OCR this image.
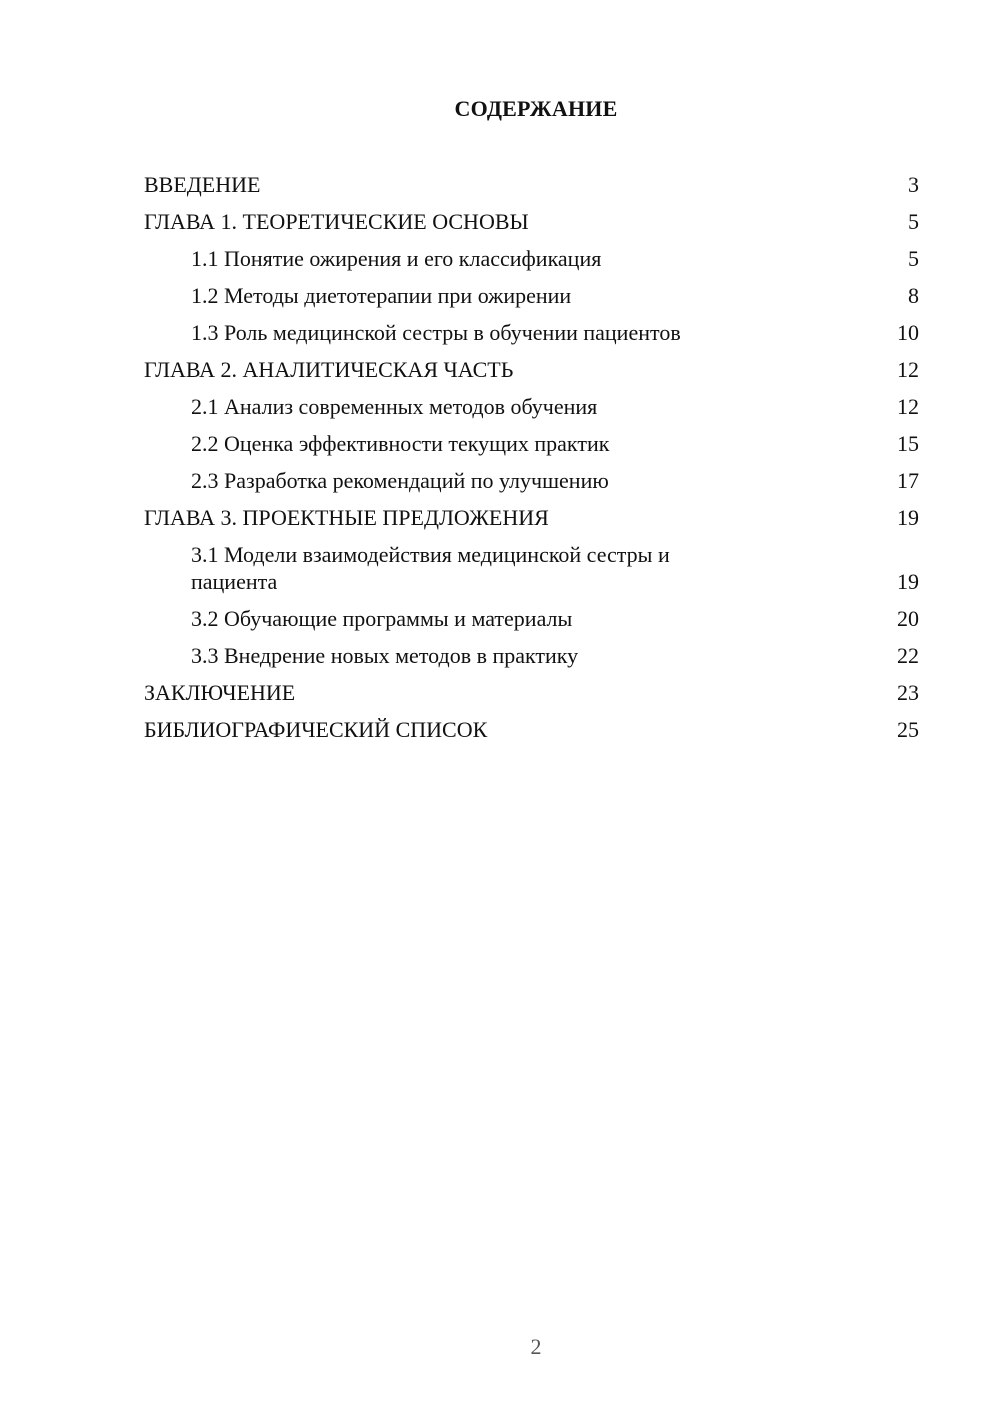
СОДЕРЖАНИЕ
ВВЕДЕНИЕ	3
ГЛАВА 1. ТЕОРЕТИЧЕСКИЕ ОСНОВЫ	5
1.1 Понятие ожирения и его классификация	5
1.2 Методы диетотерапии при ожирении	8
1.3 Роль медицинской сестры в обучении пациентов	10
ГЛАВА 2. АНАЛИТИЧЕСКАЯ ЧАСТЬ	12
2.1 Анализ современных методов обучения	12
2.2 Оценка эффективности текущих практик	15
2.3 Разработка рекомендаций по улучшению	17
ГЛАВА 3. ПРОЕКТНЫЕ ПРЕДЛОЖЕНИЯ	19
3.1 Модели взаимодействия медицинской сестры и пациента	19
3.2 Обучающие программы и материалы	20
3.3 Внедрение новых методов в практику	22
ЗАКЛЮЧЕНИЕ	23
БИБЛИОГРАФИЧЕСКИЙ СПИСОК	25
2
